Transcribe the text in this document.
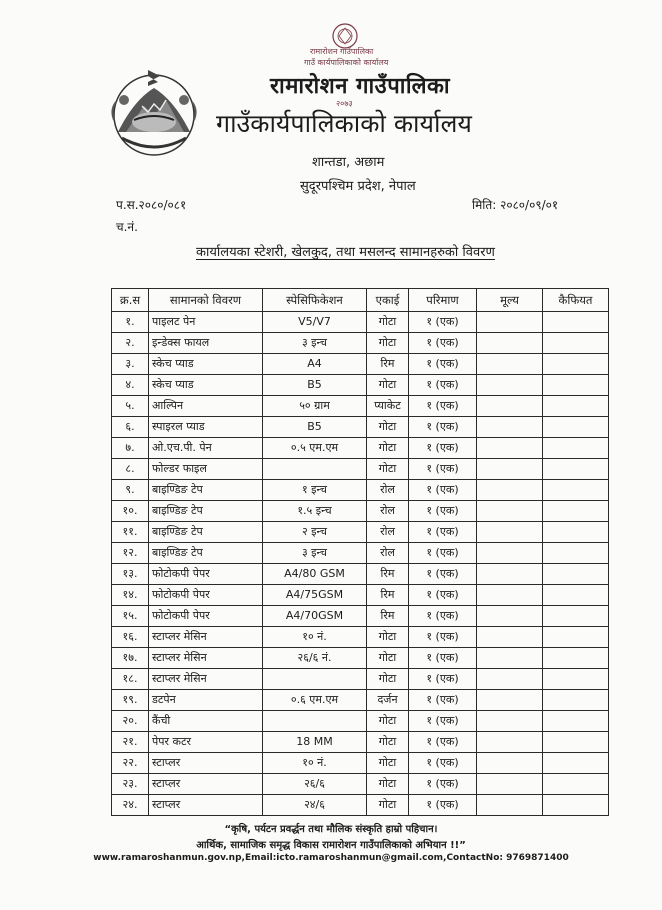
रामारोशन गाउँपालिका
गाउँ कार्यपालिकाको कार्यालय
२०७३
रामारोशन गाउँपालिका
गाउँकार्यपालिकाको कार्यालय
शान्तडा, अछाम
सुदूरपश्चिम प्रदेश, नेपाल
प.स.२०८०/०८१
च.नं.
मिति: २०८०/०९/०१
कार्यालयका स्टेशरी, खेलकुद, तथा मसलन्द सामानहरुको विवरण
क्र.स	सामानको विवरण	स्पेसिफिकेशन	एकाई	परिमाण	मूल्य	कैफियत
१.	पाइलट पेन	V5/V7	गोटा	१ (एक)		
२.	इन्डेक्स फायल	३ इन्च	गोटा	१ (एक)		
३.	स्केच प्याड	A4	रिम	१ (एक)		
४.	स्केच प्याड	B5	गोटा	१ (एक)		
५.	आल्पिन	५० ग्राम	प्याकेट	१ (एक)		
६.	स्पाइरल प्याड	B5	गोटा	१ (एक)		
७.	ओ.एच.पी. पेन	०.५ एम.एम	गोटा	१ (एक)		
८.	फोल्डर फाइल		गोटा	१ (एक)		
९.	बाइण्डिङ टेप	१ इन्च	रोल	१ (एक)		
१०.	बाइण्डिङ टेप	१.५ इन्च	रोल	१ (एक)		
११.	बाइण्डिङ टेप	२ इन्च	रोल	१ (एक)		
१२.	बाइण्डिङ टेप	३ इन्च	रोल	१ (एक)		
१३.	फोटोकपी पेपर	A4/80 GSM	रिम	१ (एक)		
१४.	फोटोकपी पेपर	A4/75GSM	रिम	१ (एक)		
१५.	फोटोकपी पेपर	A4/70GSM	रिम	१ (एक)		
१६.	स्टाप्लर मेसिन	१० नं.	गोटा	१ (एक)		
१७.	स्टाप्लर मेसिन	२६/६ नं.	गोटा	१ (एक)		
१८.	स्टाप्लर मेसिन		गोटा	१ (एक)		
१९.	डटपेन	०.६ एम.एम	दर्जन	१ (एक)		
२०.	कैंची		गोटा	१ (एक)		
२१.	पेपर कटर	18 MM	गोटा	१ (एक)		
२२.	स्टाप्लर	१० नं.	गोटा	१ (एक)		
२३.	स्टाप्लर	२६/६	गोटा	१ (एक)		
२४.	स्टाप्लर	२४/६	गोटा	१ (एक)		
“कृषि, पर्यटन प्रवर्द्धन तथा मौलिक संस्कृति हाम्रो पहिचान।
आर्थिक, सामाजिक समृद्ध विकास रामारोशन गाउँपालिकाको अभियान !!”
www.ramaroshanmun.gov.np,Email:icto.ramaroshanmun@gmail.com,ContactNo: 9769871400
